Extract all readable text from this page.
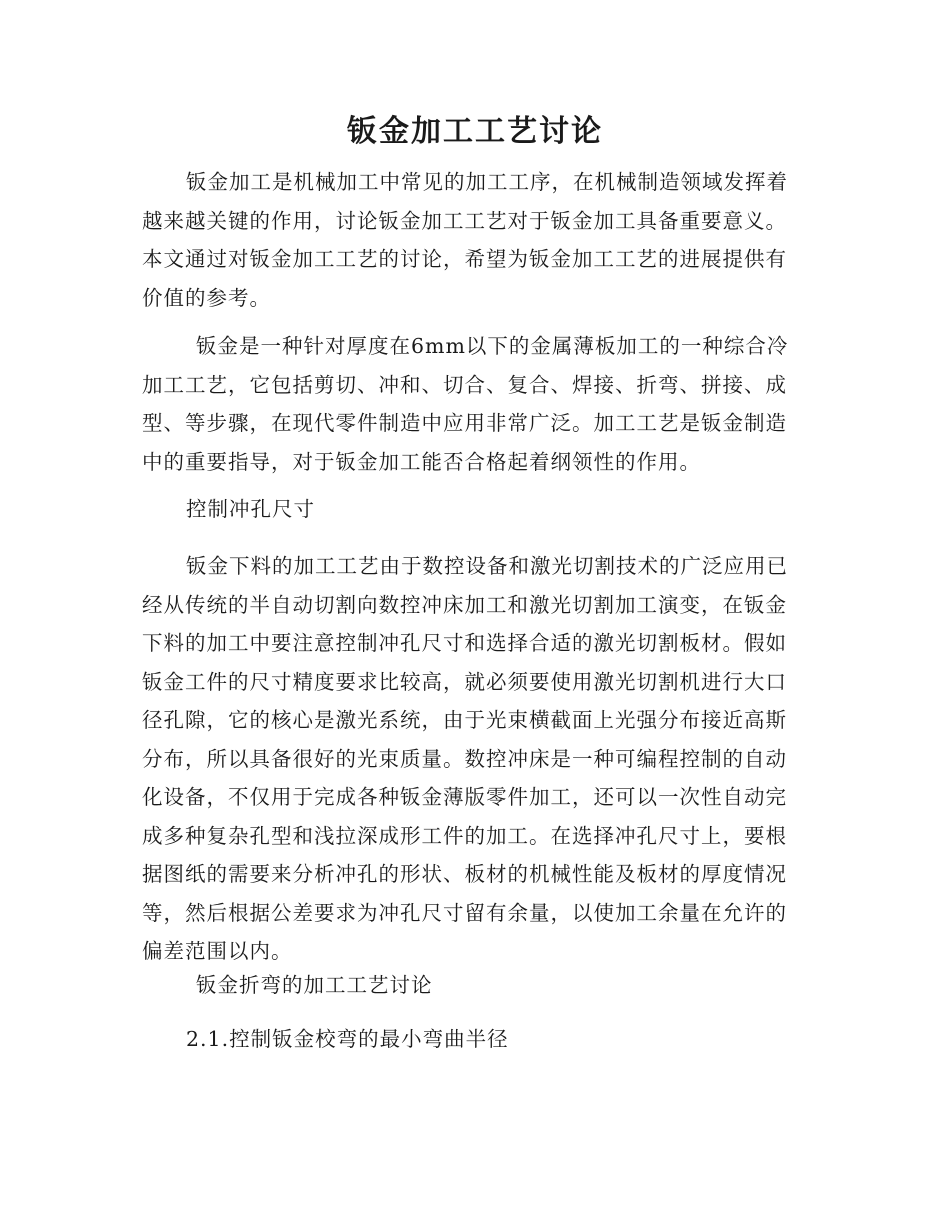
钣金加工工艺讨论

钣金加工是机械加工中常见的加工工序，在机械制造领域发挥着越来越关键的作用，讨论钣金加工工艺对于钣金加工具备重要意义。本文通过对钣金加工工艺的讨论，希望为钣金加工工艺的进展提供有价值的参考。

钣金是一种针对厚度在6mm以下的金属薄板加工的一种综合冷加工工艺，它包括剪切、冲和、切合、复合、焊接、折弯、拼接、成型、等步骤，在现代零件制造中应用非常广泛。加工工艺是钣金制造中的重要指导，对于钣金加工能否合格起着纲领性的作用。

控制冲孔尺寸

钣金下料的加工工艺由于数控设备和激光切割技术的广泛应用已经从传统的半自动切割向数控冲床加工和激光切割加工演变，在钣金下料的加工中要注意控制冲孔尺寸和选择合适的激光切割板材。假如钣金工件的尺寸精度要求比较高，就必须要使用激光切割机进行大口径孔隙，它的核心是激光系统，由于光束横截面上光强分布接近高斯分布，所以具备很好的光束质量。数控冲床是一种可编程控制的自动化设备，不仅用于完成各种钣金薄版零件加工，还可以一次性自动完成多种复杂孔型和浅拉深成形工件的加工。在选择冲孔尺寸上，要根据图纸的需要来分析冲孔的形状、板材的机械性能及板材的厚度情况等，然后根据公差要求为冲孔尺寸留有余量，以使加工余量在允许的偏差范围以内。

钣金折弯的加工工艺讨论

2.1.控制钣金校弯的最小弯曲半径
